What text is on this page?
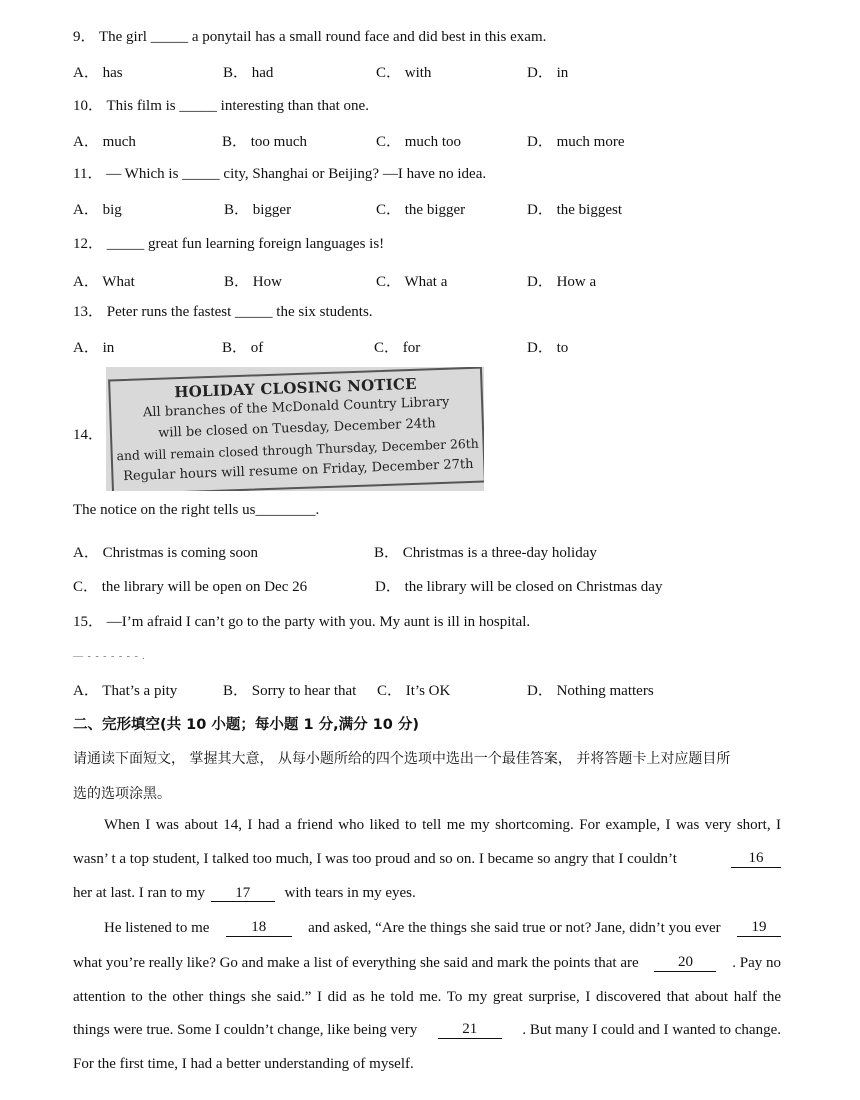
9． The girl _____ a ponytail has a small round face and did best in this exam.
A． has	B． had	C． with	D． in
10． This film is _____ interesting than that one.
A． much	B． too much	C． much too	D． much more
11． — Which is _____ city, Shanghai or Beijing? —I have no idea.
A． big	B． bigger	C． the bigger	D． the biggest
12． _____ great fun learning foreign languages is!
A． What	B． How	C． What a	D． How a
13． Peter runs the fastest _____ the six students.
A． in	B． of	C． for	D． to
14．
HOLIDAY CLOSING NOTICE
All branches of the McDonald Country Library
will be closed on Tuesday, December 24th
and will remain closed through Thursday, December 26th
Regular hours will resume on Friday, December 27th
The notice on the right tells us________.
A． Christmas is coming soon	B． Christmas is a three-day holiday
C． the library will be open on Dec 26	D． the library will be closed on Christmas day
15． —I’m afraid I can’t go to the party with you. My aunt is ill in hospital.
— - - - - - - - .
A． That’s a pity	B． Sorry to hear that C． It’s OK	D． Nothing matters
二、完形填空(共 10 小题；每小题 1 分,满分 10 分)
请通读下面短文， 掌握其大意， 从每小题所给的四个选项中选出一个最佳答案， 并将答题卡上对应题目所
选的选项涂黑。
When I was about 14, I had a friend who liked to tell me my shortcoming. For example, I was very short, I
wasn’ t a top student, I talked too much, I was too proud and so on. I became so angry that I couldn’t	16
her at last. I ran to my 17 with tears in my eyes.
He listened to me	18	and asked, “Are the things she said true or not? Jane, didn’t you ever	19
what you’re really like? Go and make a list of everything she said and mark the points that are	20	. Pay no
attention to the other things she said.” I did as he told me. To my great surprise, I discovered that about half the
things were true. Some I couldn’t change, like being very	21	. But many I could and I wanted to change.
For the first time, I had a better understanding of myself.
